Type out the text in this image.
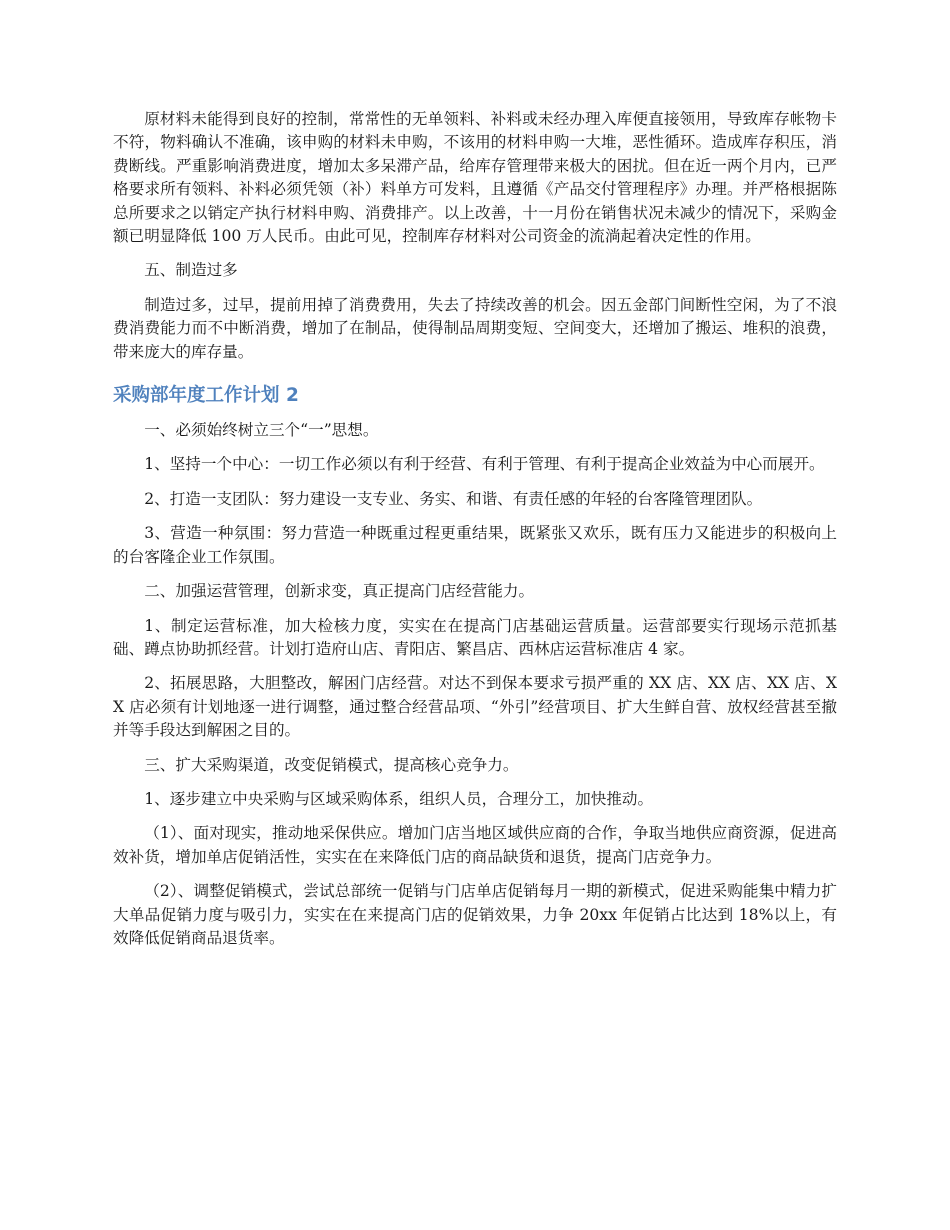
原材料未能得到良好的控制，常常性的无单领料、补料或未经办理入库便直接领用，导致库存帐物卡不符，物料确认不准确，该申购的材料未申购，不该用的材料申购一大堆，恶性循环。造成库存积压，消费断线。严重影响消费进度，增加太多呆滞产品，给库存管理带来极大的困扰。但在近一两个月内，已严格要求所有领料、补料必须凭领（补）料单方可发料，且遵循《产品交付管理程序》办理。并严格根据陈总所要求之以销定产执行材料申购、消费排产。以上改善，十一月份在销售状况未减少的情况下，采购金额已明显降低 100 万人民币。由此可见，控制库存材料对公司资金的流淌起着决定性的作用。

五、制造过多

制造过多，过早，提前用掉了消费费用，失去了持续改善的机会。因五金部门间断性空闲，为了不浪费消费能力而不中断消费，增加了在制品，使得制品周期变短、空间变大，还增加了搬运、堆积的浪费，带来庞大的库存量。

采购部年度工作计划 2

一、必须始终树立三个“一”思想。

1、坚持一个中心：一切工作必须以有利于经营、有利于管理、有利于提高企业效益为中心而展开。

2、打造一支团队：努力建设一支专业、务实、和谐、有责任感的年轻的台客隆管理团队。

3、营造一种氛围：努力营造一种既重过程更重结果，既紧张又欢乐，既有压力又能进步的积极向上的台客隆企业工作氛围。

二、加强运营管理，创新求变，真正提高门店经营能力。

1、制定运营标准，加大检核力度，实实在在提高门店基础运营质量。运营部要实行现场示范抓基础、蹲点协助抓经营。计划打造府山店、青阳店、繁昌店、西林店运营标准店 4 家。

2、拓展思路，大胆整改，解困门店经营。对达不到保本要求亏损严重的 XX 店、XX 店、XX 店、XX 店必须有计划地逐一进行调整，通过整合经营品项、“外引”经营项目、扩大生鲜自营、放权经营甚至撤并等手段达到解困之目的。

三、扩大采购渠道，改变促销模式，提高核心竞争力。

1、逐步建立中央采购与区域采购体系，组织人员，合理分工，加快推动。

（1）、面对现实，推动地采保供应。增加门店当地区域供应商的合作，争取当地供应商资源，促进高效补货，增加单店促销活性，实实在在来降低门店的商品缺货和退货，提高门店竞争力。

（2）、调整促销模式，尝试总部统一促销与门店单店促销每月一期的新模式，促进采购能集中精力扩大单品促销力度与吸引力，实实在在来提高门店的促销效果，力争 20xx 年促销占比达到 18%以上，有效降低促销商品退货率。
